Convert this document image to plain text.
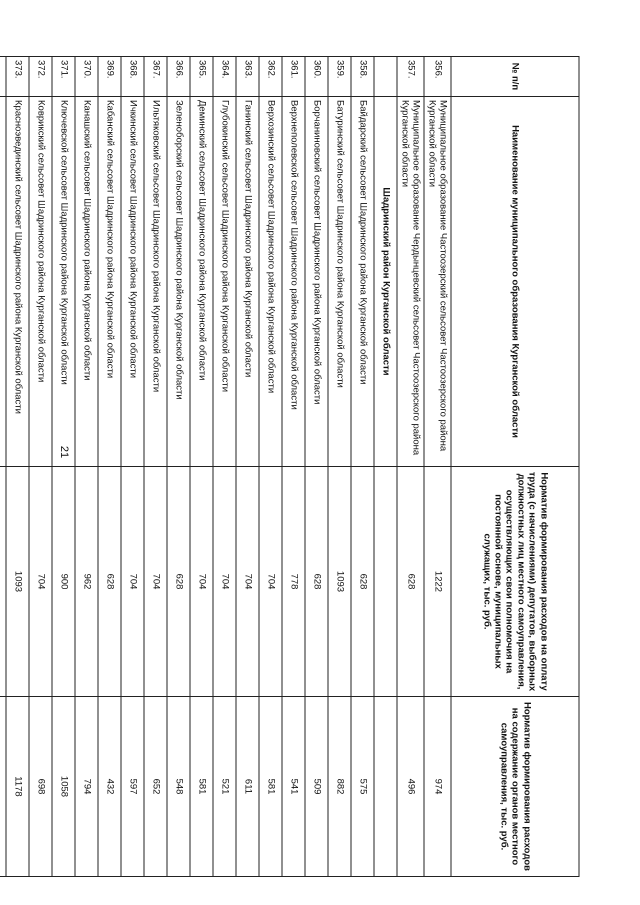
21
№ п/п	Наименование муниципального образования Курганской области	Норматив формирования расходов на оплату труда (с начислениями) депутатов, выборных должностных лиц местного самоуправления, осуществляющих свои полномочия на постоянной основе, муниципальных служащих, тыс. руб.	Норматив формирования расходов на содержание органов местного самоуправления, тыс. руб.
356.	Муниципальное образование Частоозерский сельсовет Частоозерского района Курганской области	1222	974
357.	Муниципальное образование Чердынцевский сельсовет Частоозерского района Курганской области	628	496
	Шадринский район Курганской области		
358.	Байдарский сельсовет Шадринского района Курганской области	628	575
359.	Батуринский сельсовет Шадринского района Курганской области	1093	882
360.	Борчаниновский сельсовет Шадринского района Курганской области	628	509
361.	Верхнеполевской сельсовет Шадринского района Курганской области	778	541
362.	Верхозинский сельсовет Шадринского района Курганской области	704	581
363.	Ганинский сельсовет Шадринского района Курганской области	704	611
364.	Глубокинский сельсовет Шадринского района Курганской области	704	521
365.	Деминский сельсовет Шадринского района Курганской области	704	581
366.	Зеленоборский сельсовет Шадринского района Курганской области	628	548
367.	Ильтяковский сельсовет Шадринского района Курганской области	704	652
368.	Ичкинский сельсовет Шадринского района Курганской области	704	597
369.	Кабанский сельсовет Шадринского района Курганской области	628	432
370.	Канашский сельсовет Шадринского района Курганской области	962	794
371.	Ключевской сельсовет Шадринского района Курганской области	900	1058
372.	Коврикский сельсовет Шадринского района Курганской области	704	698
373.	Красноэвединский сельсовет Шадринского района Курганской области	1093	1178
